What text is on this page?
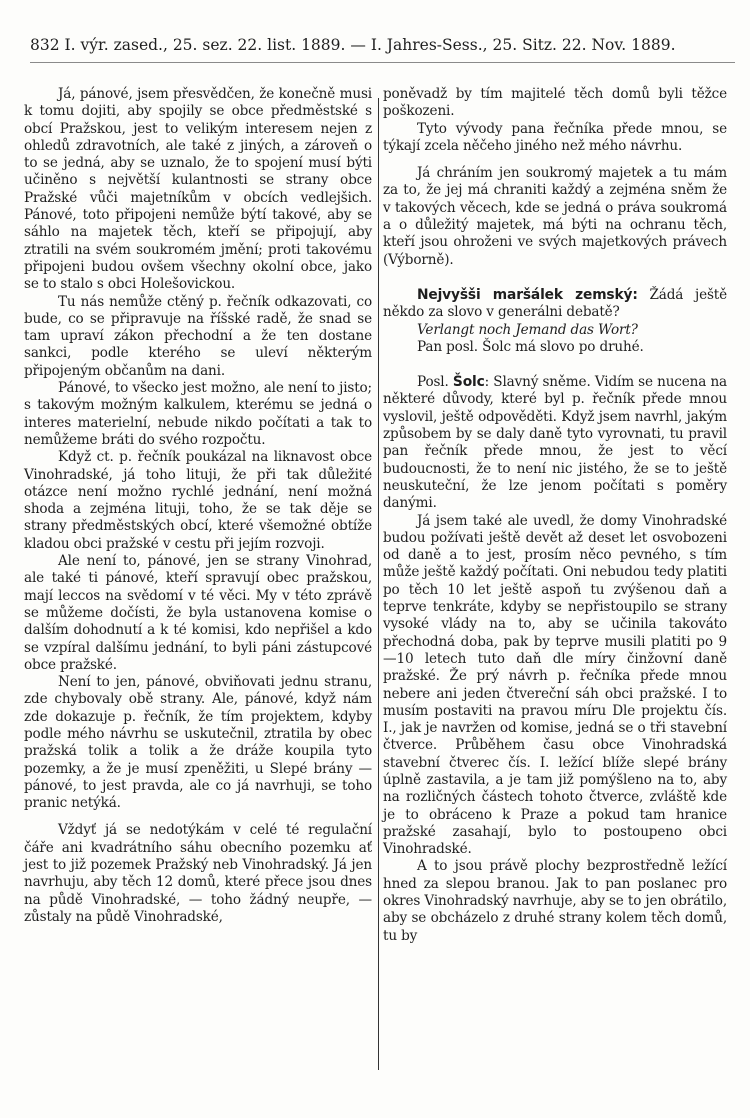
832 I. výr. zased., 25. sez. 22. list. 1889. — I. Jahres-Sess., 25. Sitz. 22. Nov. 1889.

Já, pánové, jsem přesvědčen, že konečně musi k tomu dojiti, aby spojily se obce předměstské s obcí Pražskou, jest to velikým interesem nejen z ohledů zdravotních, ale také z jiných, a zároveň o to se jedná, aby se uznalo, že to spojení musí býti učiněno s největší kulantnosti se strany obce Pražské vůči majetníkům v obcích vedlejšich. Pánové, toto připojeni nemůže býtí takové, aby se sáhlo na majetek těch, kteří se připojují, aby ztratili na svém soukromém jmění; proti takovému připojeni budou ovšem všechny okolní obce, jako se to stalo s obci Holešovickou.

Tu nás nemůže ctěný p. řečník odkazovati, co bude, co se připravuje na říšské radě, že snad se tam upraví zákon přechodní a že ten dostane sankci, podle kterého se uleví některým připojeným občanům na dani.

Pánové, to všecko jest možno, ale není to jisto; s takovým možným kalkulem, kterému se jedná o interes materielní, nebude nikdo počítati a tak to nemůžeme bráti do svého rozpočtu.

Když ct. p. řečník poukázal na liknavost obce Vinohradské, já toho lituji, že při tak důležité otázce není možno rychlé jednání, není možná shoda a zejména lituji, toho, že se tak děje se strany předměstských obcí, které všemožné obtíže kladou obci pražské v cestu při jejím rozvoji.

Ale není to, pánové, jen se strany Vinohrad, ale také ti pánové, kteří spravují obec pražskou, mají leccos na svědomí v té věci. My v této zprávě se můžeme dočísti, že byla ustanovena komise o dalším dohodnutí a k té komisi, kdo nepřišel a kdo se vzpíral dalšímu jednání, to byli páni zástupcové obce pražské.

Není to jen, pánové, obviňovati jednu stranu, zde chybovaly obě strany. Ale, pánové, když nám zde dokazuje p. řečník, že tím projektem, kdyby podle mého návrhu se uskutečnil, ztratila by obec pražská tolik a tolik a že dráže koupila tyto pozemky, a že je musí zpeněžiti, u Slepé brány — pánové, to jest pravda, ale co já navrhuji, se toho pranic netýká.

Vždyť já se nedotýkám v celé té regulační čáře ani kvadrátního sáhu obecního pozemku ať jest to již pozemek Pražský neb Vinohradský. Já jen navrhuju, aby těch 12 domů, které přece jsou dnes na půdě Vinohradské, — toho žádný neupře, — zůstaly na půdě Vinohradské,

poněvadž by tím majitelé těch domů byli těžce poškozeni.

Tyto vývody pana řečníka přede mnou, se týkají zcela něčeho jiného než mého návrhu.

Já chráním jen soukromý majetek a tu mám za to, že jej má chraniti každý a zejména sněm že v takových věcech, kde se jedná o práva soukromá a o důležitý majetek, má býti na ochranu těch, kteří jsou ohroženi ve svých majetkových právech (Výborně).

Nejvyšši maršálek zemský: Žádá ještě někdo za slovo v generálni debatě?

Verlangt noch Jemand das Wort?

Pan posl. Šolc má slovo po druhé.

Posl. Šolc: Slavný sněme. Vidím se nucena na některé důvody, které byl p. řečník přede mnou vyslovil, ještě odpověděti. Když jsem navrhl, jakým způsobem by se daly daně tyto vyrovnati, tu pravil pan řečník přede mnou, že jest to věcí budoucnosti, že to není nic jistého, že se to ještě neuskuteční, že lze jenom počítati s poměry danými.

Já jsem také ale uvedl, že domy Vinohradské budou požívati ještě devět až deset let osvobozeni od daně a to jest, prosím něco pevného, s tím může ještě každý počítati. Oni nebudou tedy platiti po těch 10 let ještě aspoň tu zvýšenou daň a teprve tenkráte, kdyby se nepřistoupilo se strany vysoké vlády na to, aby se učinila takováto přechodná doba, pak by teprve musili platiti po 9—10 letech tuto daň dle míry činžovní daně pražské. Že prý návrh p. řečníka přede mnou nebere ani jeden čtvereční sáh obci pražské. I to musím postaviti na pravou míru Dle projektu čís. I., jak je navržen od komise, jedná se o tři stavební čtverce. Průběhem času obce Vinohradská stavební čtverec čís. I. ležící blíže slepé brány úplně zastavila, a je tam již pomýšleno na to, aby na rozličných částech tohoto čtverce, zvláště kde je to obráceno k Praze a pokud tam hranice pražské zasahají, bylo to postoupeno obci Vinohradské.

A to jsou právě plochy bezprostředně ležící hned za slepou branou. Jak to pan poslanec pro okres Vinohradský navrhuje, aby se to jen obrátilo, aby se obcházelo z druhé strany kolem těch domů, tu by
